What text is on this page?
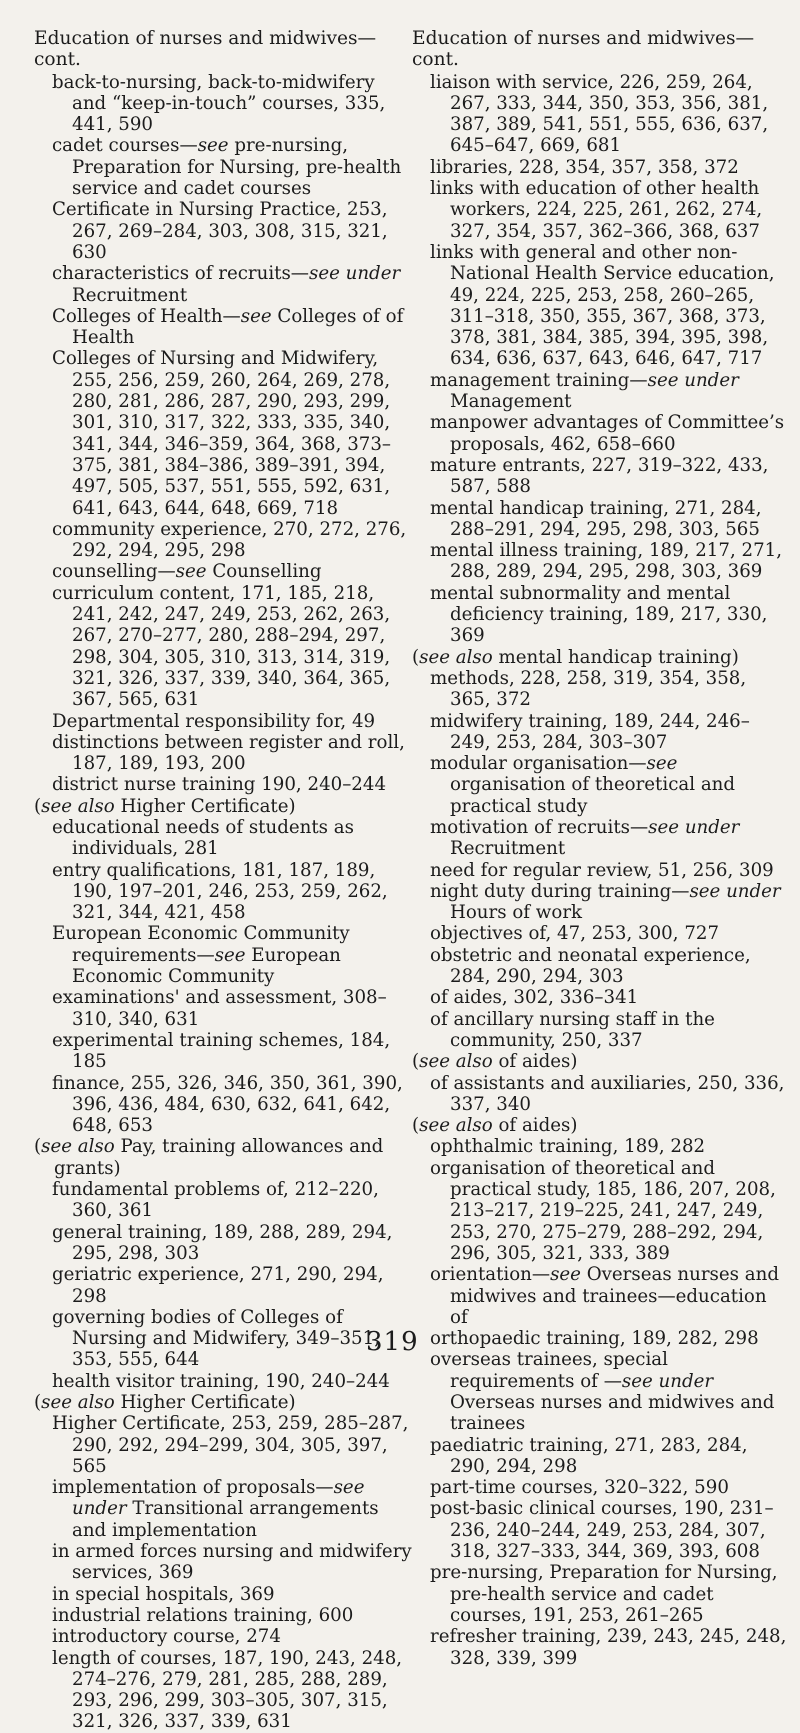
Education of nurses and midwives—cont.
back-to-nursing, back-to-midwifery and “keep-in-touch” courses, 335, 441, 590
cadet courses—see pre-nursing, Preparation for Nursing, pre-health service and cadet courses
Certificate in Nursing Practice, 253, 267, 269–284, 303, 308, 315, 321, 630
characteristics of recruits—see under Recruitment
Colleges of Health—see Colleges of of Health
Colleges of Nursing and Midwifery, 255, 256, 259, 260, 264, 269, 278, 280, 281, 286, 287, 290, 293, 299, 301, 310, 317, 322, 333, 335, 340, 341, 344, 346–359, 364, 368, 373–375, 381, 384–386, 389–391, 394, 497, 505, 537, 551, 555, 592, 631, 641, 643, 644, 648, 669, 718
community experience, 270, 272, 276, 292, 294, 295, 298
counselling—see Counselling
curriculum content, 171, 185, 218, 241, 242, 247, 249, 253, 262, 263, 267, 270–277, 280, 288–294, 297, 298, 304, 305, 310, 313, 314, 319, 321, 326, 337, 339, 340, 364, 365, 367, 565, 631
Departmental responsibility for, 49
distinctions between register and roll, 187, 189, 193, 200
district nurse training 190, 240–244
(see also Higher Certificate)
educational needs of students as individuals, 281
entry qualifications, 181, 187, 189, 190, 197–201, 246, 253, 259, 262, 321, 344, 421, 458
European Economic Community requirements—see European Economic Community
examinations' and assessment, 308–310, 340, 631
experimental training schemes, 184, 185
finance, 255, 326, 346, 350, 361, 390, 396, 436, 484, 630, 632, 641, 642, 648, 653
(see also Pay, training allowances and grants)
fundamental problems of, 212–220, 360, 361
general training, 189, 288, 289, 294, 295, 298, 303
geriatric experience, 271, 290, 294, 298
governing bodies of Colleges of Nursing and Midwifery, 349–351, 353, 555, 644
health visitor training, 190, 240–244
(see also Higher Certificate)
Higher Certificate, 253, 259, 285–287, 290, 292, 294–299, 304, 305, 397, 565
implementation of proposals—see under Transitional arrangements and implementation
in armed forces nursing and midwifery services, 369
in special hospitals, 369
industrial relations training, 600
introductory course, 274
length of courses, 187, 190, 243, 248, 274–276, 279, 281, 285, 288, 289, 293, 296, 299, 303–305, 307, 315, 321, 326, 337, 339, 631
Education of nurses and midwives—cont.
liaison with service, 226, 259, 264, 267, 333, 344, 350, 353, 356, 381, 387, 389, 541, 551, 555, 636, 637, 645–647, 669, 681
libraries, 228, 354, 357, 358, 372
links with education of other health workers, 224, 225, 261, 262, 274, 327, 354, 357, 362–366, 368, 637
links with general and other non-National Health Service education, 49, 224, 225, 253, 258, 260–265, 311–318, 350, 355, 367, 368, 373, 378, 381, 384, 385, 394, 395, 398, 634, 636, 637, 643, 646, 647, 717
management training—see under Management
manpower advantages of Committee’s proposals, 462, 658–660
mature entrants, 227, 319–322, 433, 587, 588
mental handicap training, 271, 284, 288–291, 294, 295, 298, 303, 565
mental illness training, 189, 217, 271, 288, 289, 294, 295, 298, 303, 369
mental subnormality and mental deficiency training, 189, 217, 330, 369
(see also mental handicap training)
methods, 228, 258, 319, 354, 358, 365, 372
midwifery training, 189, 244, 246–249, 253, 284, 303–307
modular organisation—see organisation of theoretical and practical study
motivation of recruits—see under Recruitment
need for regular review, 51, 256, 309
night duty during training—see under Hours of work
objectives of, 47, 253, 300, 727
obstetric and neonatal experience, 284, 290, 294, 303
of aides, 302, 336–341
of ancillary nursing staff in the community, 250, 337
(see also of aides)
of assistants and auxiliaries, 250, 336, 337, 340
(see also of aides)
ophthalmic training, 189, 282
organisation of theoretical and practical study, 185, 186, 207, 208, 213–217, 219–225, 241, 247, 249, 253, 270, 275–279, 288–292, 294, 296, 305, 321, 333, 389
orientation—see Overseas nurses and midwives and trainees—education of
orthopaedic training, 189, 282, 298
overseas trainees, special requirements of —see under Overseas nurses and midwives and trainees
paediatric training, 271, 283, 284, 290, 294, 298
part-time courses, 320–322, 590
post-basic clinical courses, 190, 231–236, 240–244, 249, 253, 284, 307, 318, 327–333, 344, 369, 393, 608
pre-nursing, Preparation for Nursing, pre-health service and cadet courses, 191, 253, 261–265
refresher training, 239, 243, 245, 248, 328, 339, 399
319
